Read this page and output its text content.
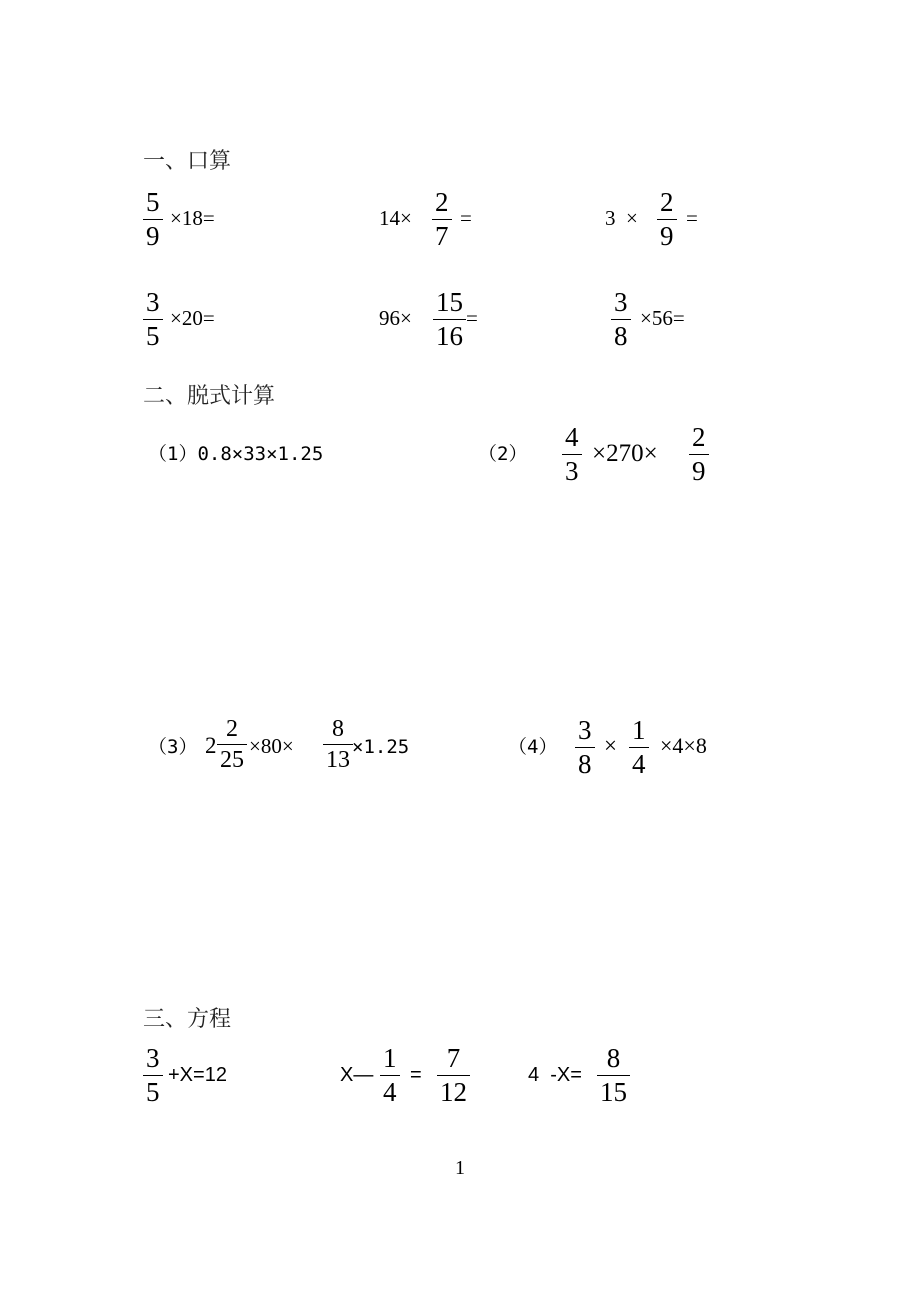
一、口算
$\frac{5}{9} \times 18=$	$14\times \frac{2}{7}$ =	$3 \times \frac{2}{9}$ =
$\frac{3}{5} \times 20=$	$96\times \frac{15}{16}$ =	$\frac{3}{8} \times 56=$
二、脱式计算
（1）0.8×33×1.25	$(2) \frac{4}{3} \times 270\times \frac{2}{9}$
（3） $2 \frac{2}{25} \times 80\times \frac{8}{13} \times 1.25$	$(4) \frac{3}{8} \times \frac{1}{4} \times 4\times 8$
三、方程
$\frac{3}{5} +X=12$	X— $\frac{1}{4} = \frac{7}{12}$	4  $-X= \frac{8}{15}$
1
